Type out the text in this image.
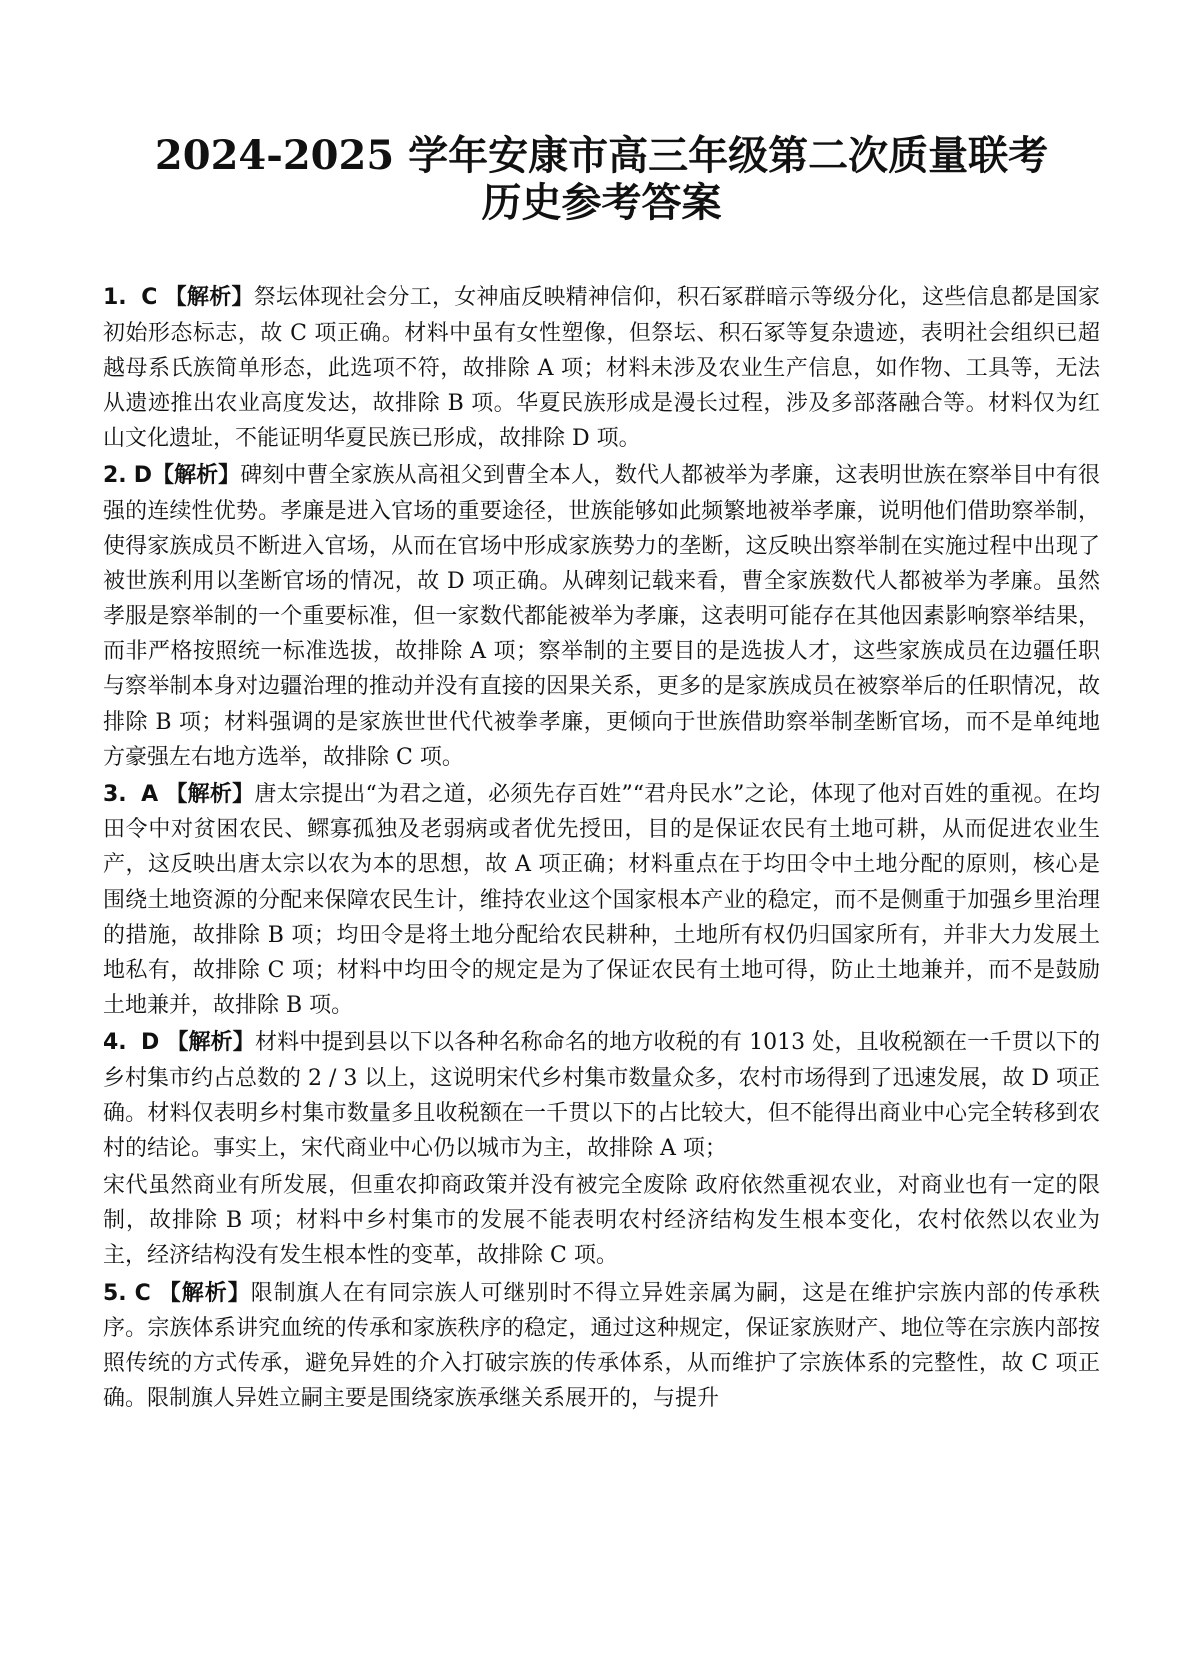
2024-2025 学年安康市高三年级第二次质量联考
历史参考答案

1. C 【解析】祭坛体现社会分工，女神庙反映精神信仰，积石冢群暗示等级分化，这些信息都是国家初始形态标志，故 C 项正确。材料中虽有女性塑像，但祭坛、积石冢等复杂遗迹，表明社会组织已超越母系氏族简单形态，此选项不符，故排除 A 项；材料未涉及农业生产信息，如作物、工具等，无法从遗迹推出农业高度发达，故排除 B 项。华夏民族形成是漫长过程，涉及多部落融合等。材料仅为红山文化遗址，不能证明华夏民族已形成，故排除 D 项。

2. D【解析】碑刻中曹全家族从高祖父到曹全本人，数代人都被举为孝廉，这表明世族在察举目中有很强的连续性优势。孝廉是进入官场的重要途径，世族能够如此频繁地被举孝廉，说明他们借助察举制，使得家族成员不断进入官场，从而在官场中形成家族势力的垄断，这反映出察举制在实施过程中出现了被世族利用以垄断官场的情况，故 D 项正确。从碑刻记载来看，曹全家族数代人都被举为孝廉。虽然孝服是察举制的一个重要标准，但一家数代都能被举为孝廉，这表明可能存在其他因素影响察举结果，而非严格按照统一标准选拔，故排除 A 项；察举制的主要目的是选拔人才，这些家族成员在边疆任职与察举制本身对边疆治理的推动并没有直接的因果关系，更多的是家族成员在被察举后的任职情况，故排除 B 项；材料强调的是家族世世代代被拳孝廉，更倾向于世族借助察举制垄断官场，而不是单纯地方豪强左右地方选举，故排除 C 项。

3. A 【解析】唐太宗提出“为君之道，必须先存百姓”“君舟民水”之论，体现了他对百姓的重视。在均田令中对贫困农民、鳏寡孤独及老弱病或者优先授田，目的是保证农民有土地可耕，从而促进农业生产，这反映出唐太宗以农为本的思想，故 A 项正确；材料重点在于均田令中土地分配的原则，核心是围绕土地资源的分配来保障农民生计，维持农业这个国家根本产业的稳定，而不是侧重于加强乡里治理的措施，故排除 B 项；均田令是将土地分配给农民耕种，土地所有权仍归国家所有，并非大力发展土地私有，故排除 C 项；材料中均田令的规定是为了保证农民有土地可得，防止土地兼并，而不是鼓励土地兼并，故排除 B 项。

4. D 【解析】材料中提到县以下以各种名称命名的地方收税的有 1013 处，且收税额在一千贯以下的乡村集市约占总数的 2 / 3 以上，这说明宋代乡村集市数量众多，农村市场得到了迅速发展，故 D 项正确。材料仅表明乡村集市数量多且收税额在一千贯以下的占比较大，但不能得出商业中心完全转移到农村的结论。事实上，宋代商业中心仍以城市为主，故排除 A 项；

宋代虽然商业有所发展，但重农抑商政策并没有被完全废除 政府依然重视农业，对商业也有一定的限制，故排除 B 项；材料中乡村集市的发展不能表明农村经济结构发生根本变化，农村依然以农业为主，经济结构没有发生根本性的变革，故排除 C 项。

5. C 【解析】限制旗人在有同宗族人可继别时不得立异姓亲属为嗣，这是在维护宗族内部的传承秩序。宗族体系讲究血统的传承和家族秩序的稳定，通过这种规定，保证家族财产、地位等在宗族内部按照传统的方式传承，避免异姓的介入打破宗族的传承体系，从而维护了宗族体系的完整性，故 C 项正确。限制旗人异姓立嗣主要是围绕家族承继关系展开的，与提升
